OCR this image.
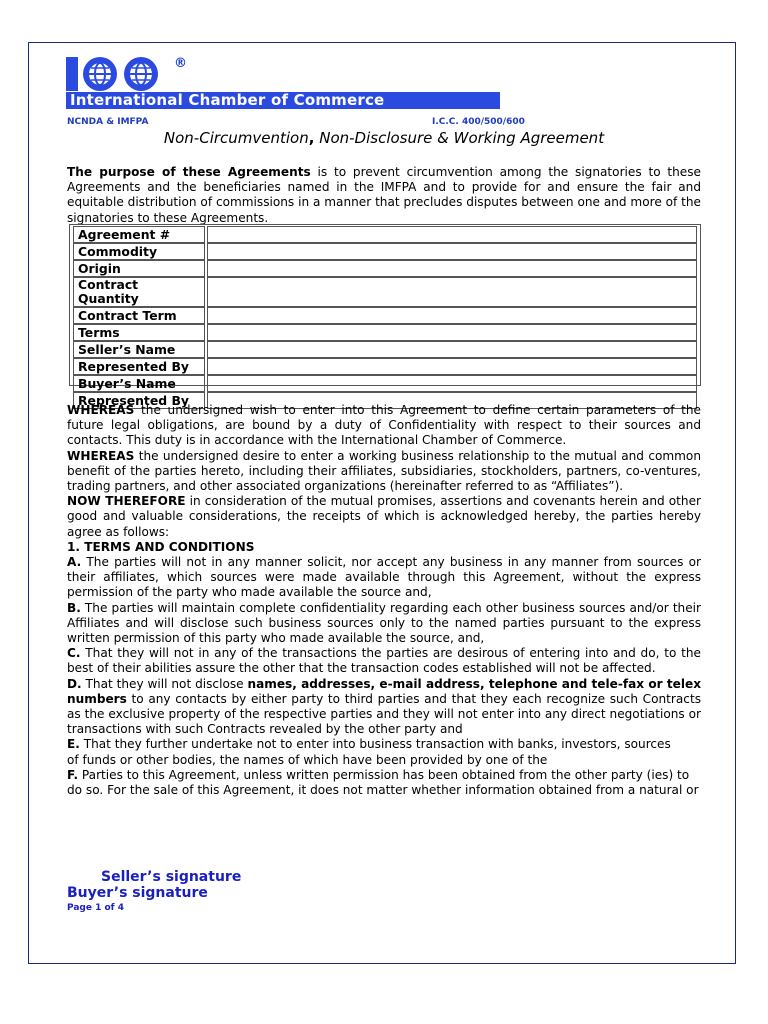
®
International Chamber of Commerce
NCNDA & IMFPA	I.C.C. 400/500/600
Non-Circumvention, Non-Disclosure & Working Agreement
The purpose of these Agreements is to prevent circumvention among the signatories to these Agreements and the beneficiaries named in the IMFPA and to provide for and ensure the fair and equitable distribution of commissions in a manner that precludes disputes between one and more of the signatories to these Agreements.
Agreement #	
Commodity	
Origin	
Contract Quantity	
Contract Term	
Terms	
Seller’s Name	
Represented By	
Buyer’s Name	
Represented By	

WHEREAS the undersigned wish to enter into this Agreement to define certain parameters of the future legal obligations, are bound by a duty of Confidentiality with respect to their sources and contacts. This duty is in accordance with the International Chamber of Commerce.

WHEREAS the undersigned desire to enter a working business relationship to the mutual and common benefit of the parties hereto, including their affiliates, subsidiaries, stockholders, partners, co-ventures, trading partners, and other associated organizations (hereinafter referred to as “Affiliates”).

NOW THEREFORE in consideration of the mutual promises, assertions and covenants herein and other good and valuable considerations, the receipts of which is acknowledged hereby, the parties hereby agree as follows:

1. TERMS AND CONDITIONS

A. The parties will not in any manner solicit, nor accept any business in any manner from sources or their affiliates, which sources were made available through this Agreement, without the express permission of the party who made available the source and,

B. The parties will maintain complete confidentiality regarding each other business sources and/or their Affiliates and will disclose such business sources only to the named parties pursuant to the express written permission of this party who made available the source, and,

C. That they will not in any of the transactions the parties are desirous of entering into and do, to the best of their abilities assure the other that the transaction codes established will not be affected.

D. That they will not disclose names, addresses, e-mail address, telephone and tele-fax or telex numbers to any contacts by either party to third parties and that they each recognize such Contracts as the exclusive property of the respective parties and they will not enter into any direct negotiations or transactions with such Contracts revealed by the other party and

E. That they further undertake not to enter into business transaction with banks, investors, sources

of funds or other bodies, the names of which have been provided by one of the

F. Parties to this Agreement, unless written permission has been obtained from the other party (ies) to

do so. For the sale of this Agreement, it does not matter whether information obtained from a natural or

Seller’s signature
Buyer’s signature
Page 1 of 4
